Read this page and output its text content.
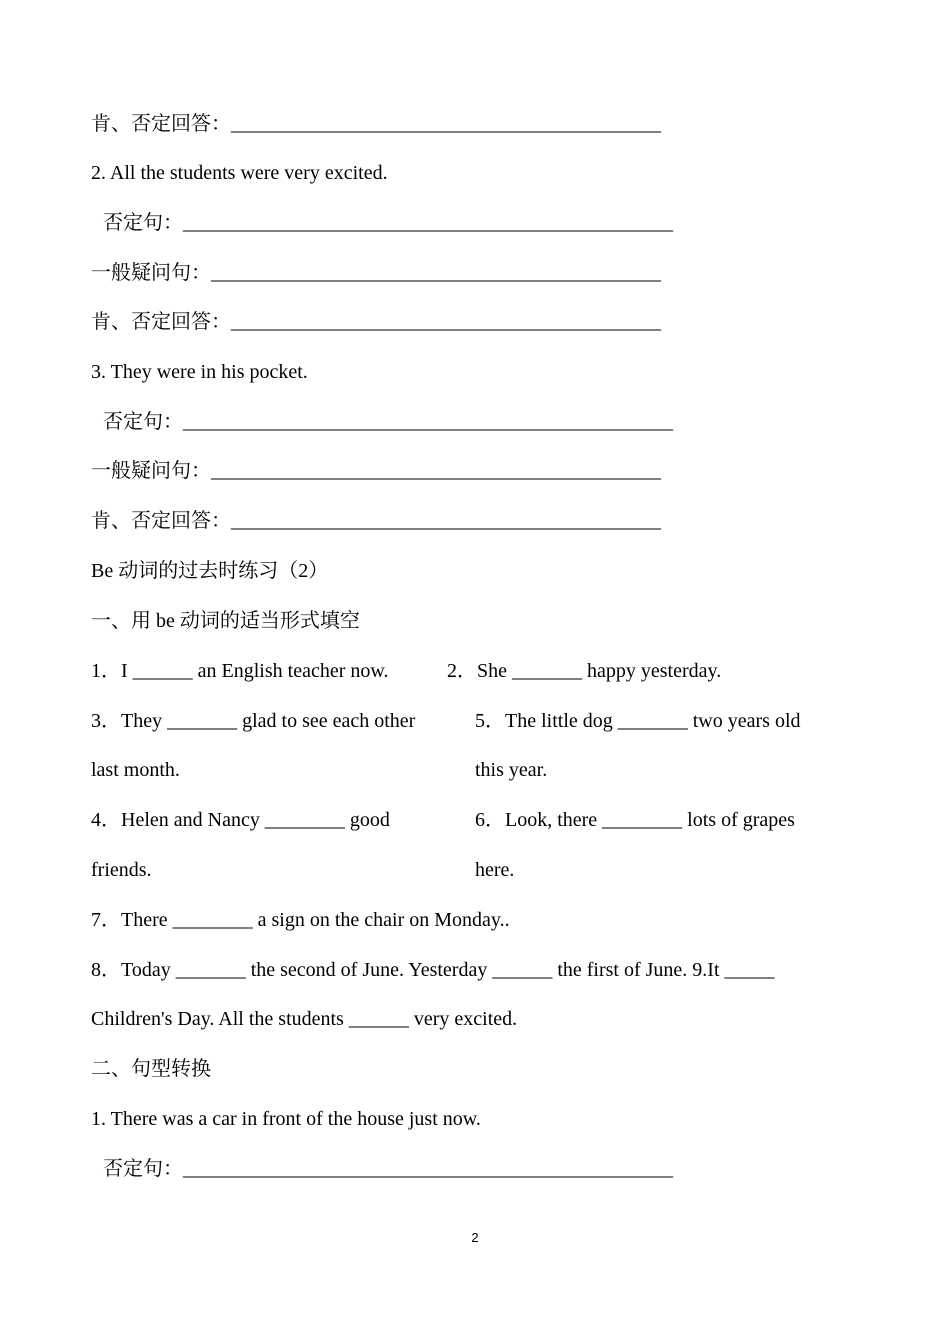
肯、否定回答：___________________________________________
2. All the students were very excited.
否定句：_________________________________________________
一般疑问句：_____________________________________________
肯、否定回答：___________________________________________
3. They were in his pocket.
否定句：_________________________________________________
一般疑问句：_____________________________________________
肯、否定回答：___________________________________________
Be 动词的过去时练习（2）
一、用 be 动词的适当形式填空
1．I ______ an English teacher now.	2．She _______ happy yesterday.
3．They _______ glad to see each other	5．The little dog _______ two years old
last month.	this year.
4．Helen and Nancy ________ good	6．Look, there ________ lots of grapes
friends.	here.
7．There ________ a sign on the chair on Monday..
8．Today _______ the second of June. Yesterday ______ the first of June. 9.It _____
Children's Day. All the students ______ very excited.
二、句型转换
1. There was a car in front of the house just now.
否定句：_________________________________________________
2
